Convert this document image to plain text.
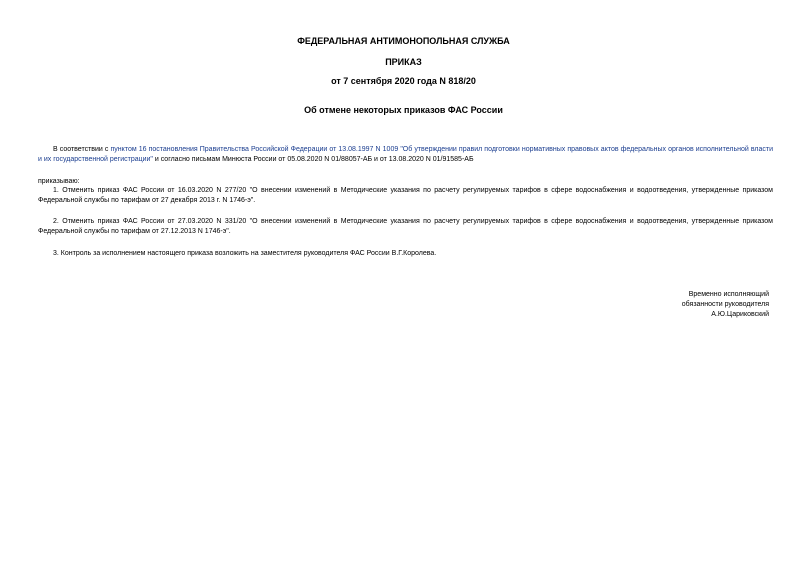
ФЕДЕРАЛЬНАЯ АНТИМОНОПОЛЬНАЯ СЛУЖБА
ПРИКАЗ
от 7 сентября 2020 года N 818/20
Об отмене некоторых приказов ФАС России
В соответствии с пунктом 16 постановления Правительства Российской Федерации от 13.08.1997 N 1009 "Об утверждении правил подготовки нормативных правовых актов федеральных органов исполнительной власти и их государственной регистрации" и согласно письмам Минюста России от 05.08.2020 N 01/88057-АБ и от 13.08.2020 N 01/91585-АБ
приказываю:
1. Отменить приказ ФАС России от 16.03.2020 N 277/20 "О внесении изменений в Методические указания по расчету регулируемых тарифов в сфере водоснабжения и водоотведения, утвержденные приказом Федеральной службы по тарифам от 27 декабря 2013 г. N 1746-э".
2. Отменить приказ ФАС России от 27.03.2020 N 331/20 "О внесении изменений в Методические указания по расчету регулируемых тарифов в сфере водоснабжения и водоотведения, утвержденные приказом Федеральной службы по тарифам от 27.12.2013 N 1746-э".
3. Контроль за исполнением настоящего приказа возложить на заместителя руководителя ФАС России В.Г.Королева.
Временно исполняющий
обязанности руководителя
А.Ю.Цариковский
